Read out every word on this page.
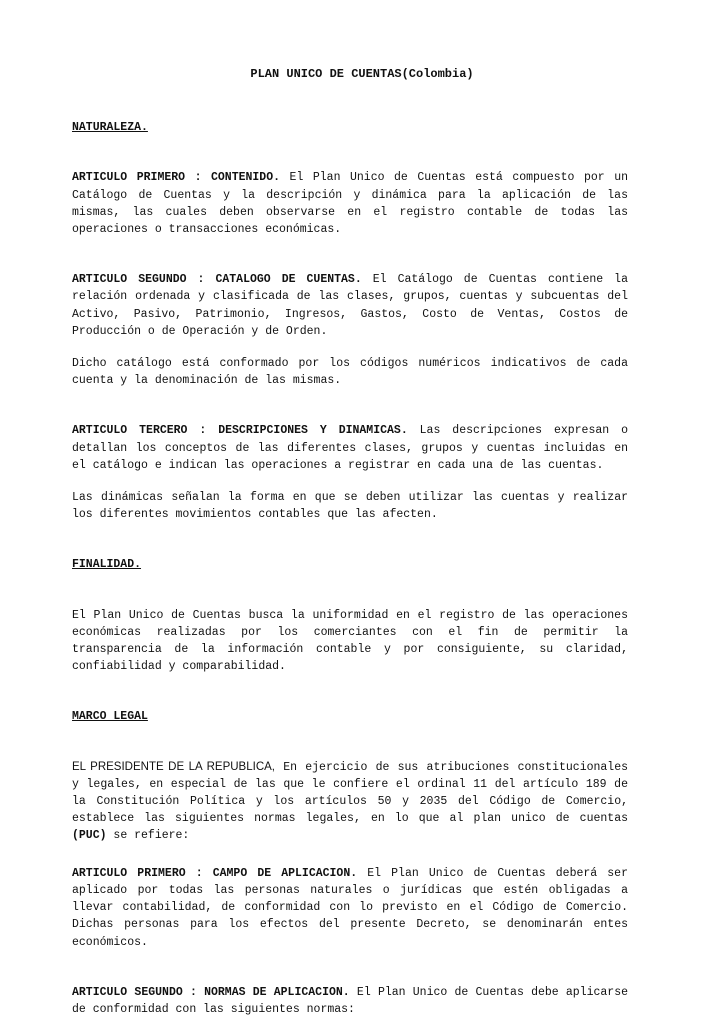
PLAN UNICO DE CUENTAS(Colombia)
NATURALEZA.

ARTICULO PRIMERO : CONTENIDO. El Plan Unico de Cuentas está compuesto por un Catálogo de Cuentas y la descripción y dinámica para la aplicación de las mismas, las cuales deben observarse en el registro contable de todas las operaciones o transacciones económicas.

ARTICULO SEGUNDO : CATALOGO DE CUENTAS. El Catálogo de Cuentas contiene la relación ordenada y clasificada de las clases, grupos, cuentas y subcuentas del Activo, Pasivo, Patrimonio, Ingresos, Gastos, Costo de Ventas, Costos de Producción o de Operación y de Orden.

Dicho catálogo está conformado por los códigos numéricos indicativos de cada cuenta y la denominación de las mismas.

ARTICULO TERCERO : DESCRIPCIONES Y DINAMICAS. Las descripciones expresan o detallan los conceptos de las diferentes clases, grupos y cuentas incluidas en el catálogo e indican las operaciones a registrar en cada una de las cuentas.

Las dinámicas señalan la forma en que se deben utilizar las cuentas y realizar los diferentes movimientos contables que las afecten.

FINALIDAD.

El Plan Unico de Cuentas busca la uniformidad en el registro de las operaciones económicas realizadas por los comerciantes con el fin de permitir la transparencia de la información contable y por consiguiente, su claridad, confiabilidad y comparabilidad.

MARCO LEGAL

EL PRESIDENTE DE LA REPUBLICA, En ejercicio de sus atribuciones constitucionales y legales, en especial de las que le confiere el ordinal 11 del artículo 189 de la Constitución Política y los artículos 50 y 2035 del Código de Comercio, establece las siguientes normas legales, en lo que al plan unico de cuentas (PUC) se refiere:

ARTICULO PRIMERO : CAMPO DE APLICACION. El Plan Unico de Cuentas deberá ser aplicado por todas las personas naturales o jurídicas que estén obligadas a llevar contabilidad, de conformidad con lo previsto en el Código de Comercio. Dichas personas para los efectos del presente Decreto, se denominarán entes económicos.

ARTICULO SEGUNDO : NORMAS DE APLICACION. El Plan Unico de Cuentas debe aplicarse de conformidad con las siguientes normas:
